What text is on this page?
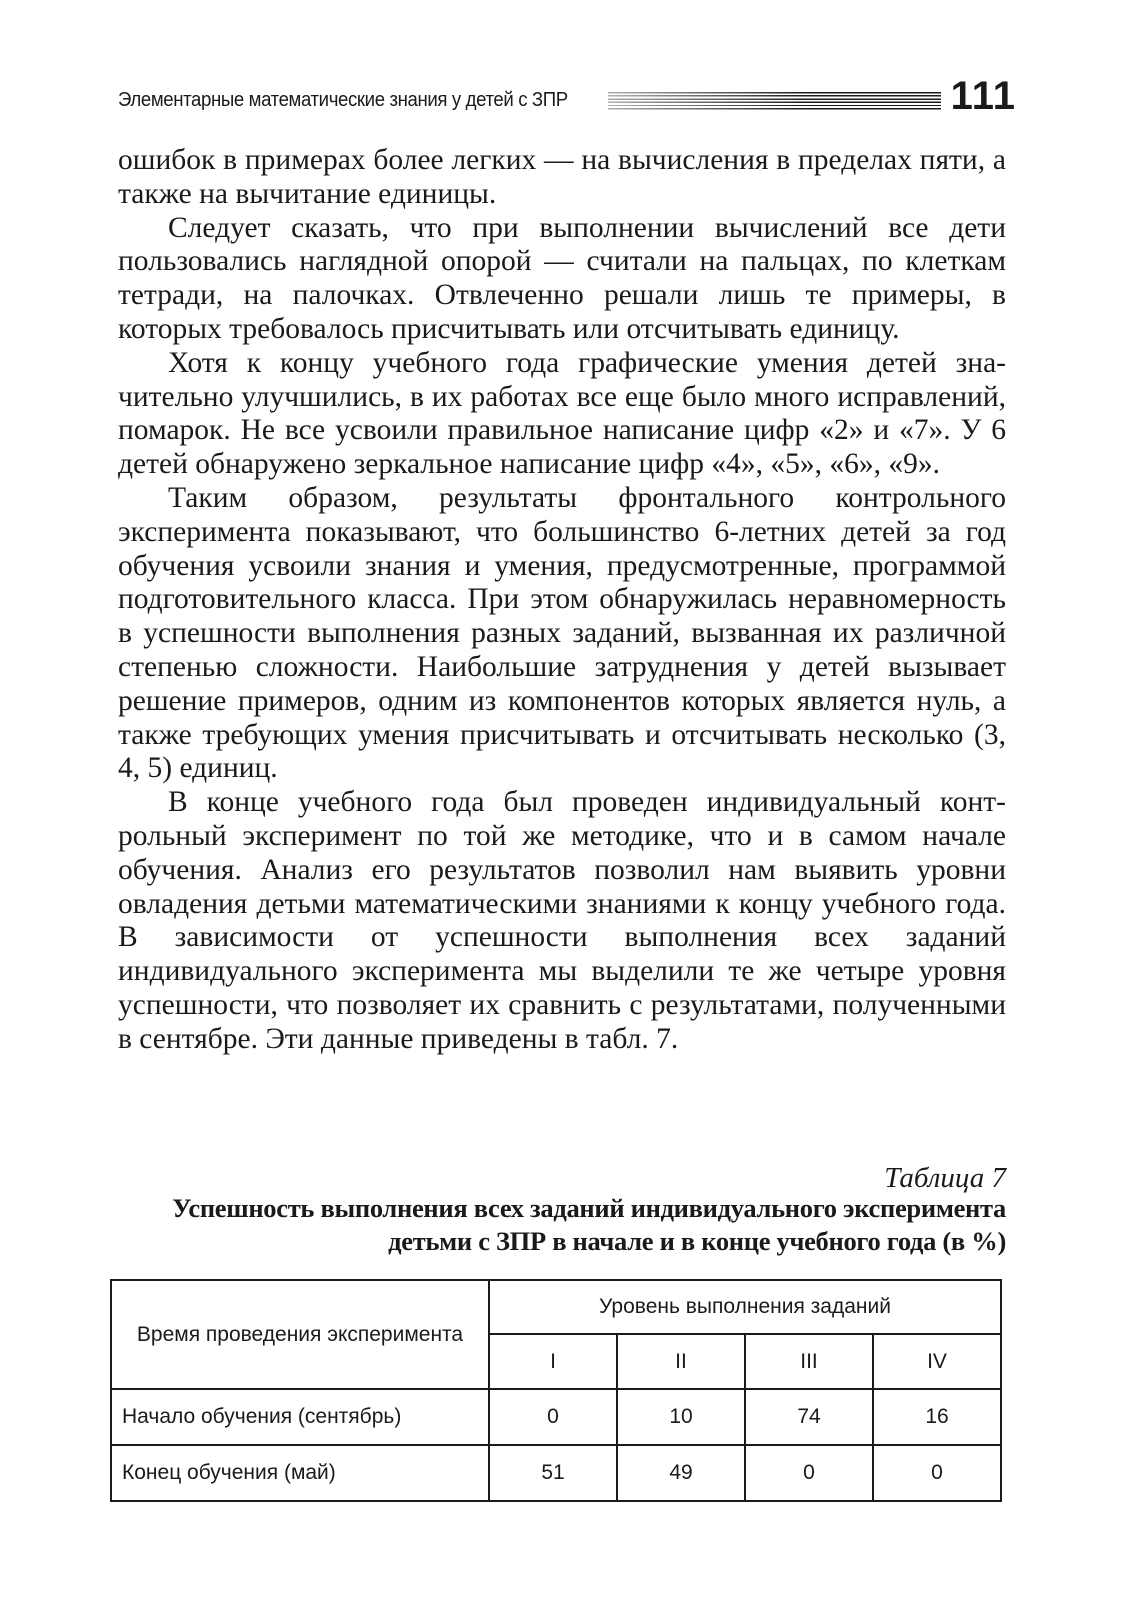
Элементарные математические знания у детей с ЗПР	111

ошибок в примерах более легких — на вычисления в пределах пяти, а также на вычитание единицы.

Следует сказать, что при выполнении вычислений все дети пользовались наглядной опорой — считали на пальцах, по клеткам тетради, на палочках. Отвлеченно решали лишь те примеры, в которых требовалось присчитывать или отсчитывать единицу.

Хотя к концу учебного года графические умения детей значительно улучшились, в их работах все еще было много исправлений, помарок. Не все усвоили правильное написание цифр «2» и «7». У 6 детей обнаружено зеркальное написание цифр «4», «5», «6», «9».

Таким образом, результаты фронтального контрольного эксперимента показывают, что большинство 6-летних детей за год обучения усвоили знания и умения, предусмотренные, программой подготовительного класса. При этом обнаружилась неравномерность в успешности выполнения разных заданий, вызванная их различной степенью сложности. Наибольшие затруднения у детей вызывает решение примеров, одним из компонентов которых является нуль, а также требующих умения присчитывать и отсчитывать несколько (3, 4, 5) единиц.

В конце учебного года был проведен индивидуальный контрольный эксперимент по той же методике, что и в самом начале обучения. Анализ его результатов позволил нам выявить уровни овладения детьми математическими знаниями к концу учебного года. В зависимости от успешности выполнения всех заданий индивидуального эксперимента мы выделили те же четыре уровня успешности, что позволяет их сравнить с результатами, полученными в сентябре. Эти данные приведены в табл. 7.

Таблица 7
Успешность выполнения всех заданий индивидуального эксперимента детьми с ЗПР в начале и в конце учебного года (в %)
Время проведения эксперимента	Уровень выполнения заданий			
	I	II	III	IV
Начало обучения (сентябрь)	0	10	74	16
Конец обучения (май)	51	49	0	0
